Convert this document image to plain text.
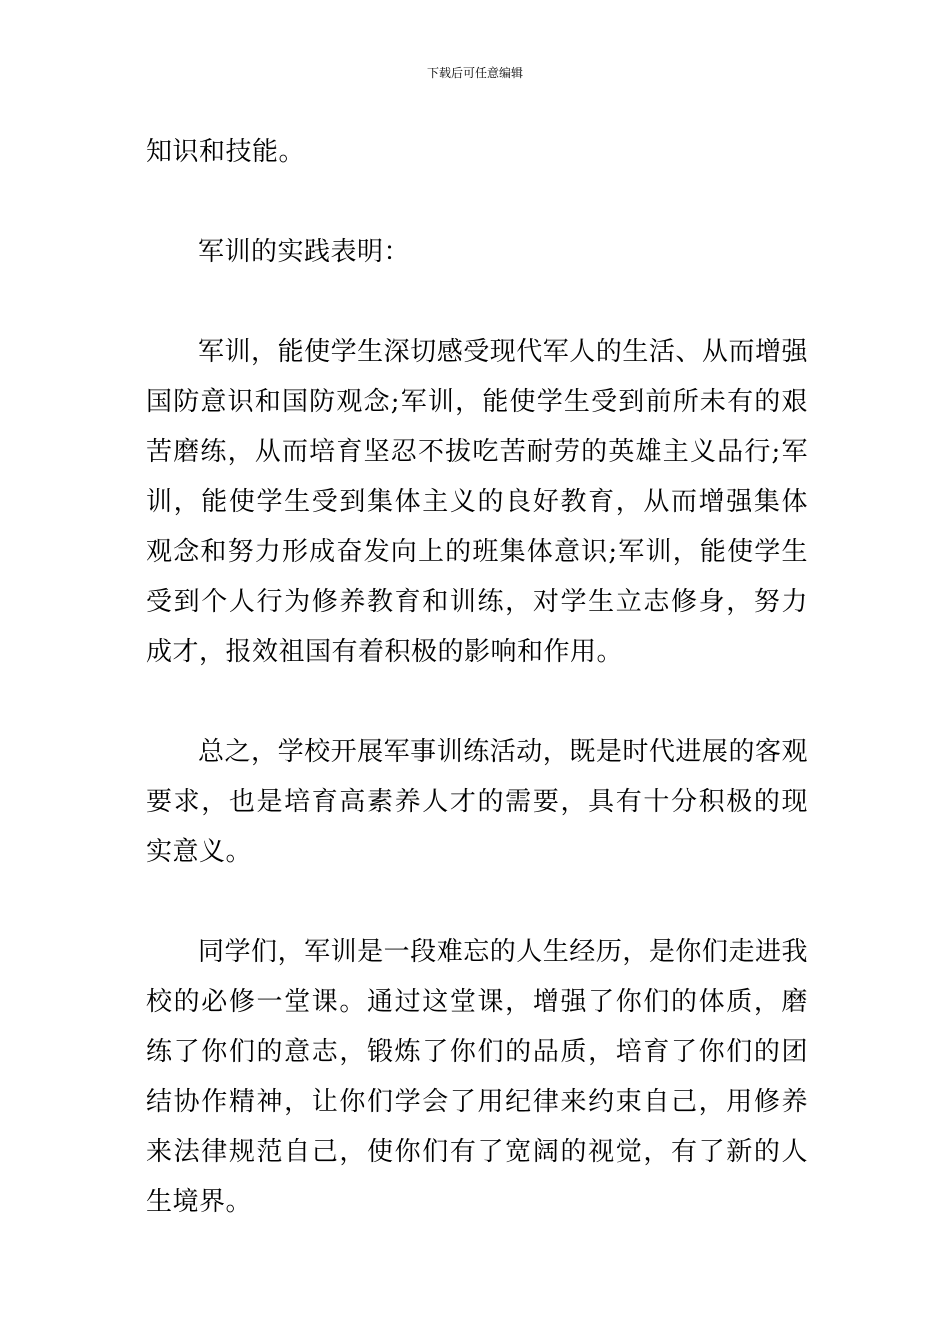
下载后可任意编辑

知识和技能。

军训的实践表明：

军训，能使学生深切感受现代军人的生活、从而增强国防意识和国防观念;军训，能使学生受到前所未有的艰苦磨练，从而培育坚忍不拔吃苦耐劳的英雄主义品行;军训，能使学生受到集体主义的良好教育，从而增强集体观念和努力形成奋发向上的班集体意识;军训，能使学生受到个人行为修养教育和训练，对学生立志修身，努力成才，报效祖国有着积极的影响和作用。

总之，学校开展军事训练活动，既是时代进展的客观要求，也是培育高素养人才的需要，具有十分积极的现实意义。

同学们，军训是一段难忘的人生经历，是你们走进我校的必修一堂课。通过这堂课，增强了你们的体质，磨练了你们的意志，锻炼了你们的品质，培育了你们的团结协作精神，让你们学会了用纪律来约束自己，用修养来法律规范自己，使你们有了宽阔的视觉，有了新的人生境界。
